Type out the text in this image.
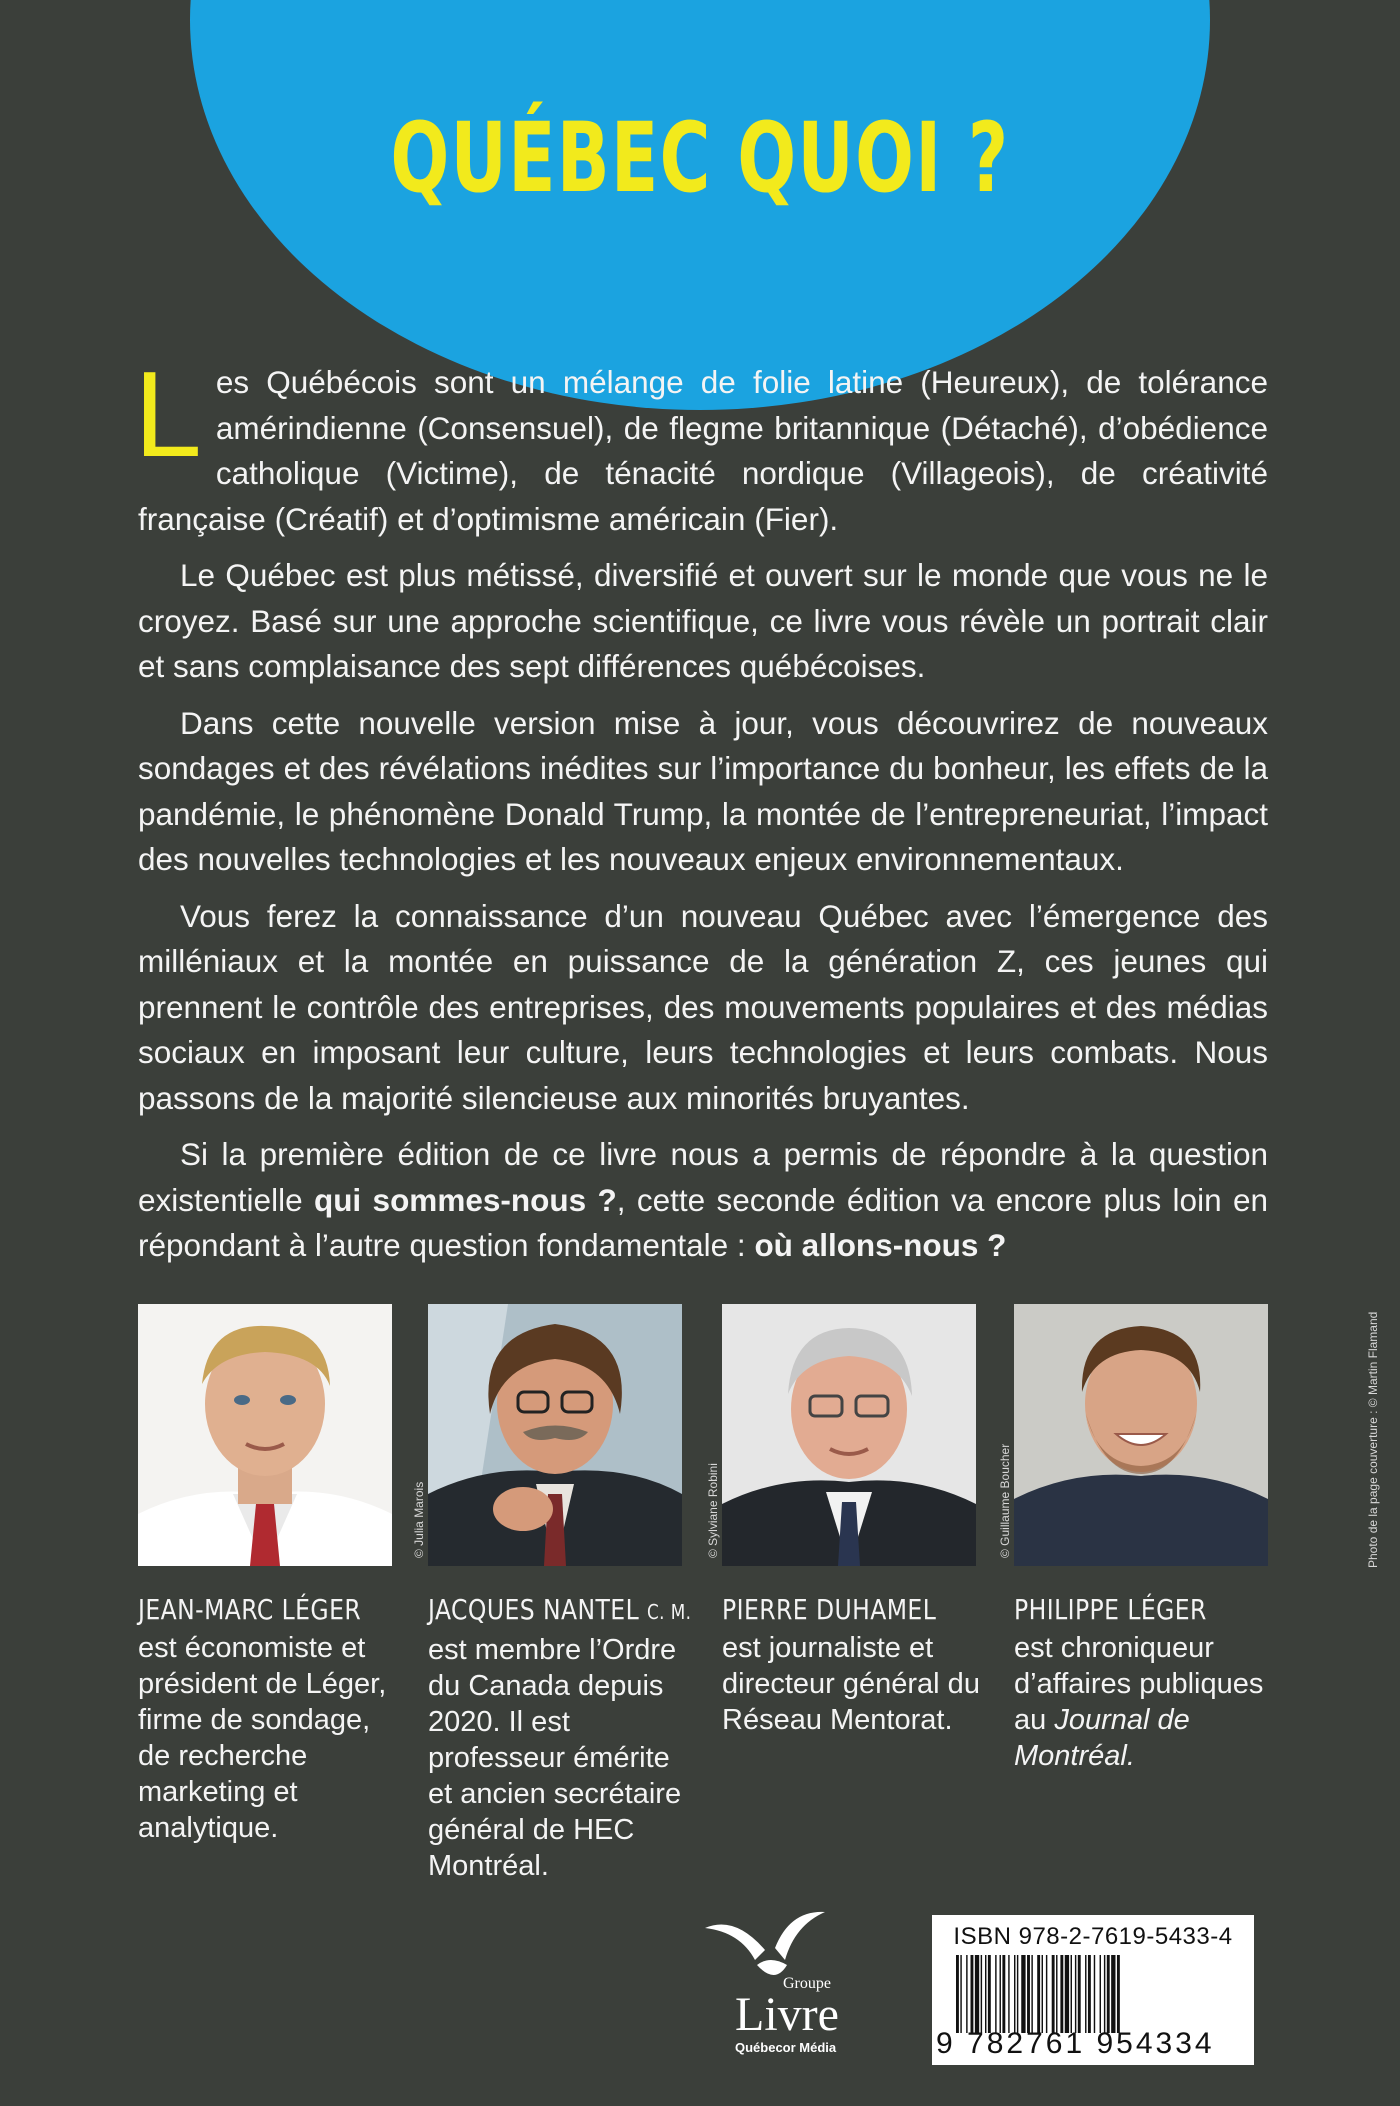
QUÉBEC QUOI ?

Les Québécois sont un mélange de folie latine (Heureux), de tolérance amérindienne (Consensuel), de flegme britannique (Détaché), d’obédience catholique (Victime), de ténacité nordique (Villageois), de créativité française (Créatif) et d’optimisme américain (Fier).

Le Québec est plus métissé, diversifié et ouvert sur le monde que vous ne le croyez. Basé sur une approche scientifique, ce livre vous révèle un portrait clair et sans complaisance des sept différences québécoises.

Dans cette nouvelle version mise à jour, vous découvrirez de nouveaux sondages et des révélations inédites sur l’importance du bonheur, les effets de la pandémie, le phénomène Donald Trump, la montée de l’entrepreneuriat, l’impact des nouvelles technologies et les nouveaux enjeux environnementaux.

Vous ferez la connaissance d’un nouveau Québec avec l’émergence des milléniaux et la montée en puissance de la génération Z, ces jeunes qui prennent le contrôle des entreprises, des mouvements populaires et des médias sociaux en imposant leur culture, leurs technologies et leurs combats. Nous passons de la majorité silencieuse aux minorités bruyantes.

Si la première édition de ce livre nous a permis de répondre à la question existentielle qui sommes-nous ?, cette seconde édition va encore plus loin en répondant à l’autre question fondamentale : où allons-nous ?

© Julia Marois	© Sylviane Robini	© Guillaume Boucher	Photo de la page couverture : © Martin Flamand
JEAN-MARC LÉGER
est économiste et président de Léger, firme de sondage, de recherche marketing et analytique.
JACQUES NANTEL C. M.
est membre l’Ordre du Canada depuis 2020. Il est professeur émérite et ancien secrétaire général de HEC Montréal.
PIERRE DUHAMEL
est journaliste et directeur général du Réseau Mentorat.
PHILIPPE LÉGER
est chroniqueur d’affaires publiques au Journal de Montréal.
Groupe
Livre
Québecor Média
ISBN 978-2-7619-5433-4
9 782761 954334
